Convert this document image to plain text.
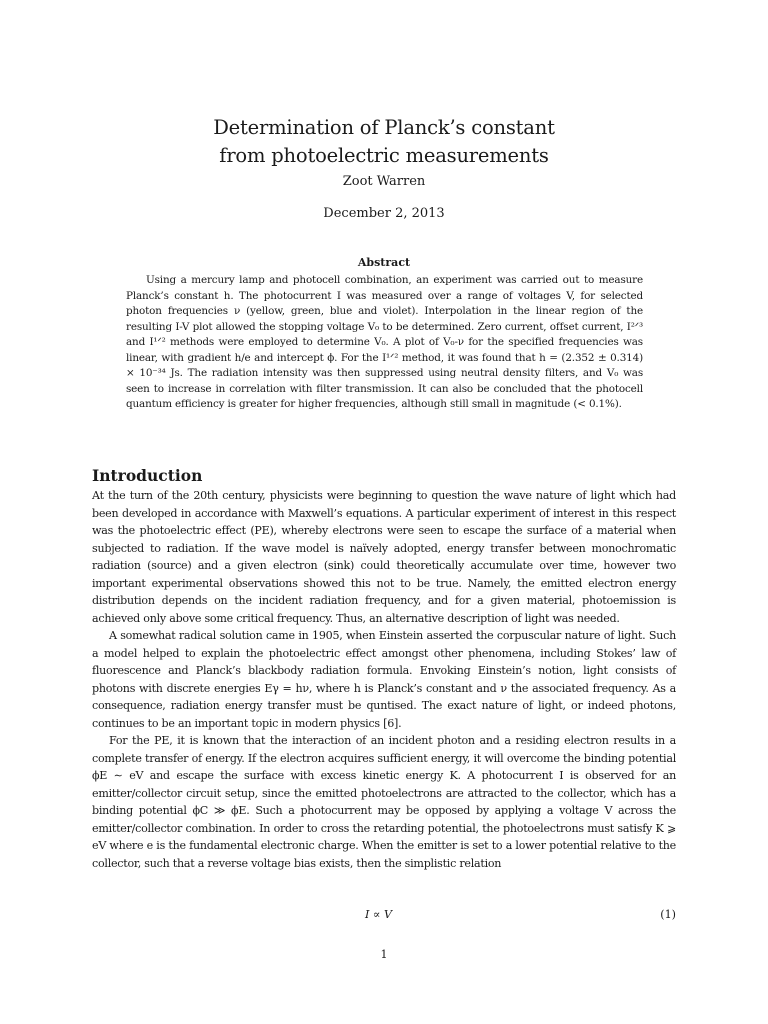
Determination of Planck’s constant
from photoelectric measurements
Zoot Warren
December 2, 2013
Abstract
Using a mercury lamp and photocell combination, an experiment was carried out to measure Planck’s constant h. The photocurrent I was measured over a range of voltages V, for selected photon frequencies ν (yellow, green, blue and violet). Interpolation in the linear region of the resulting I-V plot allowed the stopping voltage V₀ to be determined. Zero current, offset current, I²ᐟ³ and I¹ᐟ² methods were employed to determine V₀. A plot of V₀-ν for the specified frequencies was linear, with gradient h/e and intercept ϕ. For the I¹ᐟ² method, it was found that h = (2.352 ± 0.314) × 10⁻³⁴ Js. The radiation intensity was then suppressed using neutral density filters, and V₀ was seen to increase in correlation with filter transmission. It can also be concluded that the photocell quantum efficiency is greater for higher frequencies, although still small in magnitude (< 0.1%).
Introduction

At the turn of the 20th century, physicists were beginning to question the wave nature of light which had been developed in accordance with Maxwell’s equations. A particular experiment of interest in this respect was the photoelectric effect (PE), whereby electrons were seen to escape the surface of a material when subjected to radiation. If the wave model is naïvely adopted, energy transfer between monochromatic radiation (source) and a given electron (sink) could theoretically accumulate over time, however two important experimental observations showed this not to be true. Namely, the emitted electron energy distribution depends on the incident radiation frequency, and for a given material, photoemission is achieved only above some critical frequency. Thus, an alternative description of light was needed.

A somewhat radical solution came in 1905, when Einstein asserted the corpuscular nature of light. Such a model helped to explain the photoelectric effect amongst other phenomena, including Stokes’ law of fluorescence and Planck’s blackbody radiation formula. Envoking Einstein’s notion, light consists of photons with discrete energies Eγ = hν, where h is Planck’s constant and ν the associated frequency. As a consequence, radiation energy transfer must be quntised. The exact nature of light, or indeed photons, continues to be an important topic in modern physics [6].

For the PE, it is known that the interaction of an incident photon and a residing electron results in a complete transfer of energy. If the electron acquires sufficient energy, it will overcome the binding potential ϕE ∼ eV and escape the surface with excess kinetic energy K. A photocurrent I is observed for an emitter/collector circuit setup, since the emitted photoelectrons are attracted to the collector, which has a binding potential ϕC ≫ ϕE. Such a photocurrent may be opposed by applying a voltage V across the emitter/collector combination. In order to cross the retarding potential, the photoelectrons must satisfy K ⩾ eV where e is the fundamental electronic charge. When the emitter is set to a lower potential relative to the collector, such that a reverse voltage bias exists, then the simplistic relation

I ∝ V	(1)
1
